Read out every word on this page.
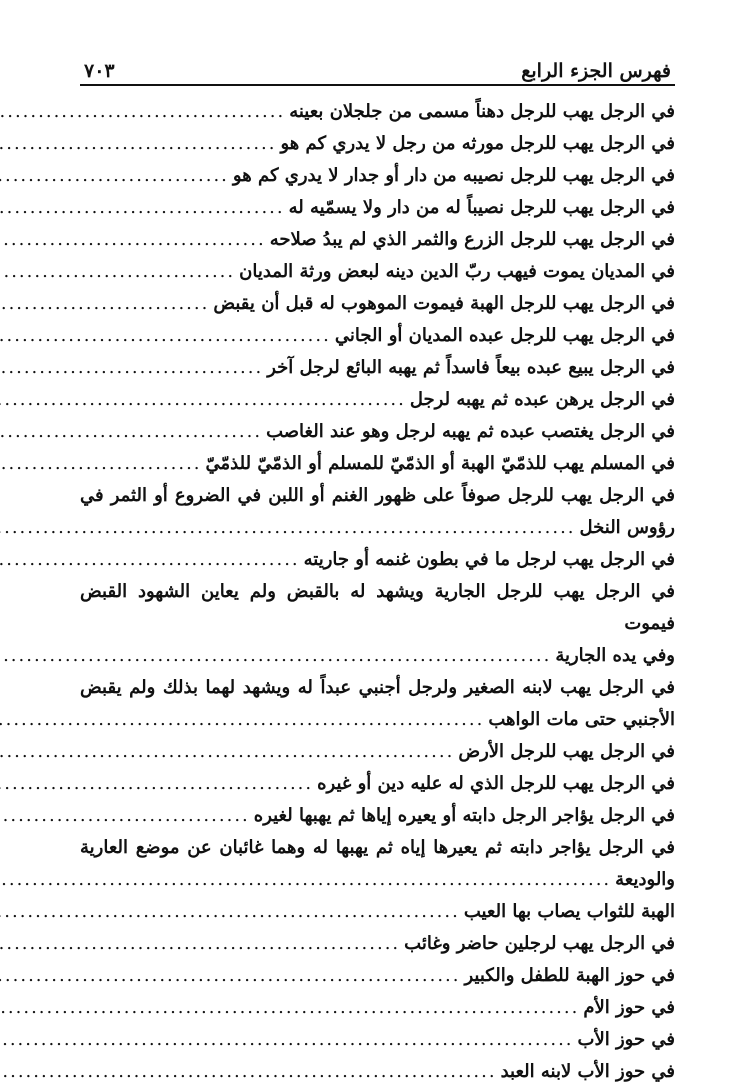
٧٠٣	فهرس الجزء الرابع
في الرجل يهب للرجل دهناً مسمى من جلجلان بعينه
.....
في الرجل يهب للرجل مورثه من رجل لا يدري كم هو
.....
في الرجل يهب للرجل نصيبه من دار أو جدار لا يدري كم هو
.....
في الرجل يهب للرجل نصيباً له من دار ولا يسمّيه له
.....
في الرجل يهب للرجل الزرع والثمر الذي لم يبدُ صلاحه
.....
في المديان يموت فيهب ربّ الدين دينه لبعض ورثة المديان
.....
في الرجل يهب للرجل الهبة فيموت الموهوب له قبل أن يقبض
.....
في الرجل يهب للرجل عبده المديان أو الجاني
.....
في الرجل يبيع عبده بيعاً فاسداً ثم يهبه البائع لرجل آخر
.....
في الرجل يرهن عبده ثم يهبه لرجل
.....
في الرجل يغتصب عبده ثم يهبه لرجل وهو عند الغاصب
.....
في المسلم يهب للذمّيّ الهبة أو الذمّيّ للمسلم أو الذمّيّ للذمّيّ
.....
في الرجل يهب للرجل صوفاً على ظهور الغنم أو اللبن في الضروع أو الثمر في
رؤوس النخل
.....
في الرجل يهب لرجل ما في بطون غنمه أو جاريته
.....
في الرجل يهب للرجل الجارية ويشهد له بالقبض ولم يعاين الشهود القبض فيموت
وفي يده الجارية
.....
في الرجل يهب لابنه الصغير ولرجل أجنبي عبداً له ويشهد لهما بذلك ولم يقبض
الأجنبي حتى مات الواهب
.....
في الرجل يهب للرجل الأرض
.....
في الرجل يهب للرجل الذي له عليه دين أو غيره
.....
في الرجل يؤاجر الرجل دابته أو يعيره إياها ثم يهبها لغيره
.....
في الرجل يؤاجر دابته ثم يعيرها إياه ثم يهبها له وهما غائبان عن موضع العارية
والوديعة
.....
الهبة للثواب يصاب بها العيب
.....
في الرجل يهب لرجلين حاضر وغائب
.....
في حوز الهبة للطفل والكبير
.....
في حوز الأم
.....
في حوز الأب
.....
في حوز الأب لابنه العبد
.....
